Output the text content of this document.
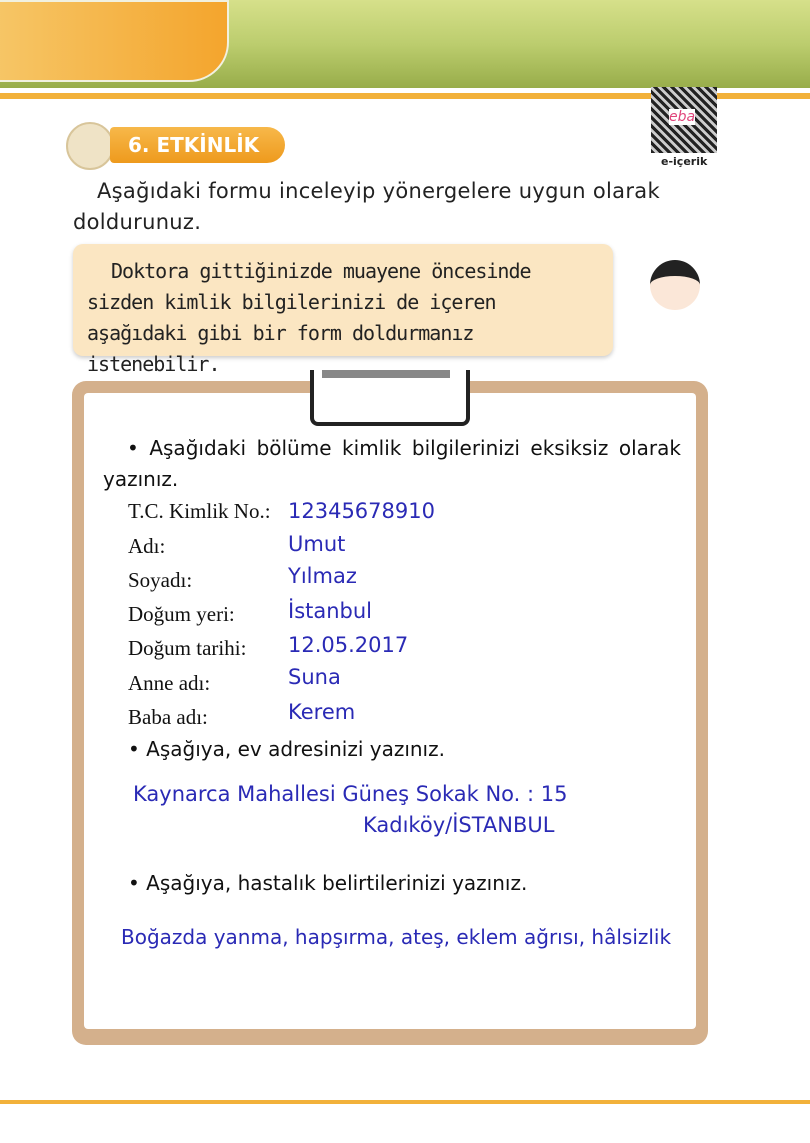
6. ETKİNLİK
eba
e-içerik
Aşağıdaki formu inceleyip yönergelere uygun olarak doldurunuz.
Doktora gittiğinizde muayene öncesinde sizden kimlik bilgilerinizi de içeren aşağıdaki gibi bir form doldurmanız istenebilir.
• Aşağıdaki bölüme kimlik bilgilerinizi eksiksiz olarak yazınız.
T.C. Kimlik No.: 12345678910
Adı:	Umut
Soyadı:	Yılmaz
Doğum yeri:	İstanbul
Doğum tarihi: 12.05.2017
Anne adı:	Suna
Baba adı:	Kerem
• Aşağıya, ev adresinizi yazınız.
Kaynarca Mahallesi Güneş Sokak No. : 15
Kadıköy/İSTANBUL
• Aşağıya, hastalık belirtilerinizi yazınız.
Boğazda yanma, hapşırma, ateş, eklem ağrısı, hâlsizlik
